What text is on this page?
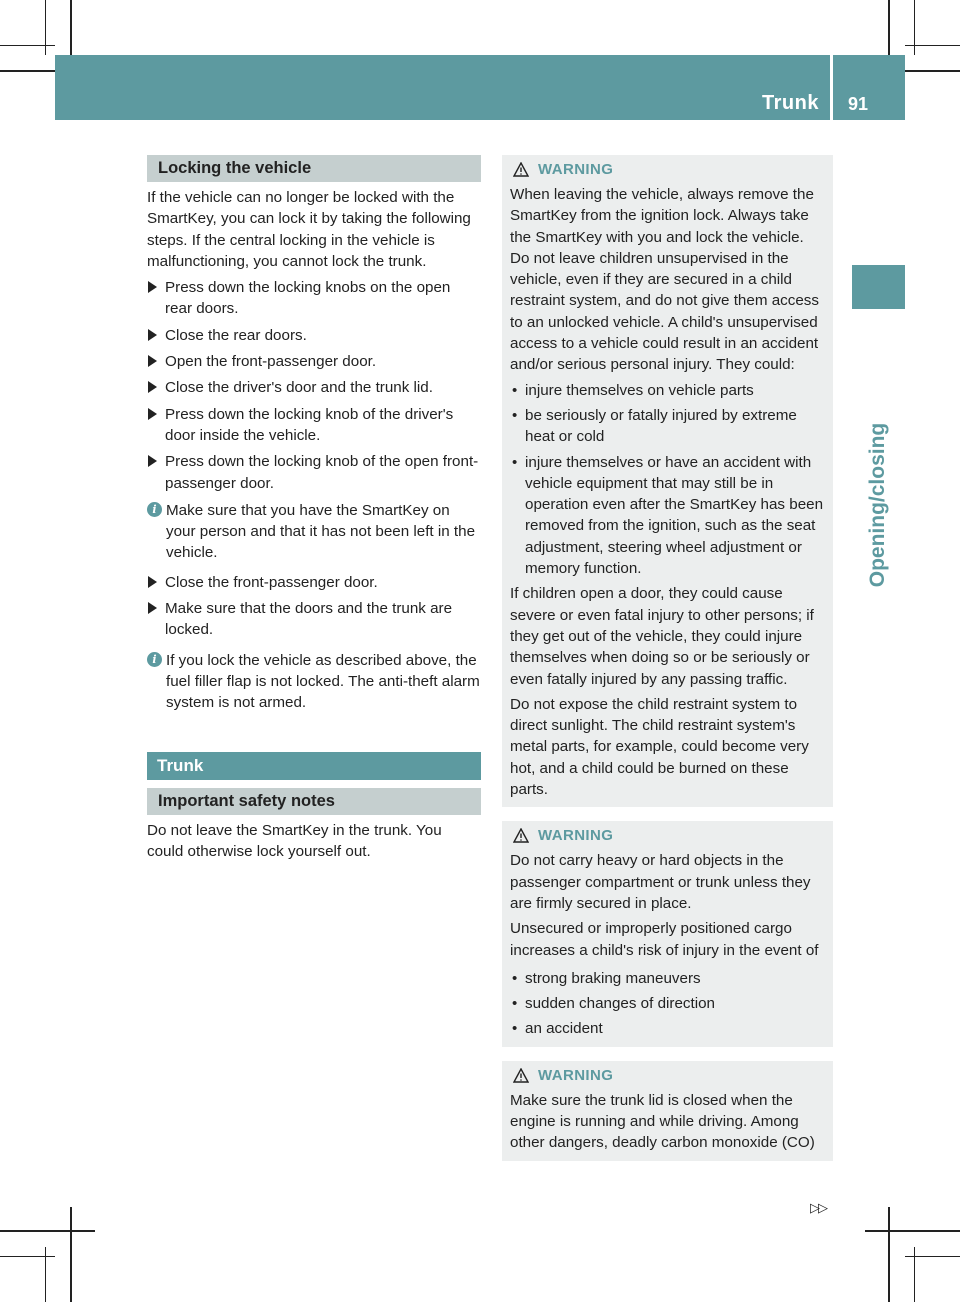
Trunk 91
Opening/closing
Locking the vehicle
If the vehicle can no longer be locked with the SmartKey, you can lock it by taking the following steps. If the central locking in the vehicle is malfunctioning, you cannot lock the trunk.
Press down the locking knobs on the open rear doors.
Close the rear doors.
Open the front-passenger door.
Close the driver's door and the trunk lid.
Press down the locking knob of the driver's door inside the vehicle.
Press down the locking knob of the open front-passenger door.
i Make sure that you have the SmartKey on your person and that it has not been left in the vehicle.
Close the front-passenger door.
Make sure that the doors and the trunk are locked.
i If you lock the vehicle as described above, the fuel filler flap is not locked. The anti-theft alarm system is not armed.
Trunk
Important safety notes
Do not leave the SmartKey in the trunk. You could otherwise lock yourself out.
WARNING
When leaving the vehicle, always remove the SmartKey from the ignition lock. Always take the SmartKey with you and lock the vehicle. Do not leave children unsupervised in the vehicle, even if they are secured in a child restraint system, and do not give them access to an unlocked vehicle. A child's unsupervised access to a vehicle could result in an accident and/or serious personal injury. They could:
• injure themselves on vehicle parts
• be seriously or fatally injured by extreme heat or cold
• injure themselves or have an accident with vehicle equipment that may still be in operation even after the SmartKey has been removed from the ignition, such as the seat adjustment, steering wheel adjustment or memory function.
If children open a door, they could cause severe or even fatal injury to other persons; if they get out of the vehicle, they could injure themselves when doing so or be seriously or even fatally injured by any passing traffic.
Do not expose the child restraint system to direct sunlight. The child restraint system's metal parts, for example, could become very hot, and a child could be burned on these parts.
WARNING
Do not carry heavy or hard objects in the passenger compartment or trunk unless they are firmly secured in place.
Unsecured or improperly positioned cargo increases a child's risk of injury in the event of
• strong braking maneuvers
• sudden changes of direction
• an accident
WARNING
Make sure the trunk lid is closed when the engine is running and while driving. Among other dangers, deadly carbon monoxide (CO)
▷▷
